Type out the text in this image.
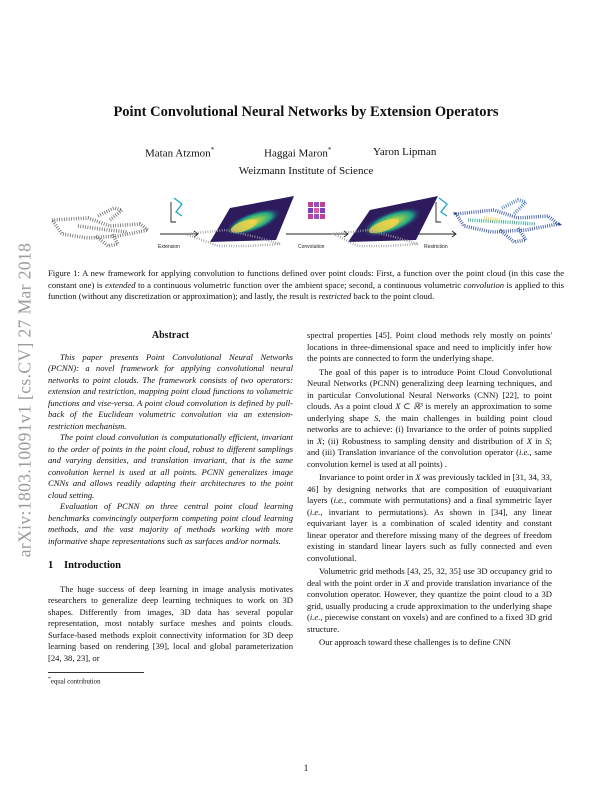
arXiv:1803.10091v1 [cs.CV] 27 Mar 2018
Point Convolutional Neural Networks by Extension Operators
Matan Atzmon*	Haggai Maron*	Yaron Lipman
Weizmann Institute of Science
Extension	Convolution	Restriction
Figure 1: A new framework for applying convolution to functions defined over point clouds: First, a function over the point cloud (in this case the constant one) is extended to a continuous volumetric function over the ambient space; second, a continuous volumetric convolution is applied to this function (without any discretization or approximation); and lastly, the result is restricted back to the point cloud.
Abstract

This paper presents Point Convolutional Neural Networks (PCNN): a novel framework for applying convolutional neural networks to point clouds. The framework consists of two operators: extension and restriction, mapping point cloud functions to volumetric functions and vise-versa. A point cloud convolution is defined by pull-back of the Euclidean volumetric convolution via an extension-restriction mechanism.

The point cloud convolution is computationally efficient, invariant to the order of points in the point cloud, robust to different samplings and varying densities, and translation invariant, that is the same convolution kernel is used at all points. PCNN generalizes image CNNs and allows readily adapting their architectures to the point cloud setting.

Evaluation of PCNN on three central point cloud learning benchmarks convincingly outperform competing point cloud learning methods, and the vast majority of methods working with more informative shape representations such as surfaces and/or normals.

1 Introduction

The huge success of deep learning in image analysis motivates researchers to generalize deep learning techniques to work on 3D shapes. Differently from images, 3D data has several popular representation, most notably surface meshes and points clouds. Surface-based methods exploit connectivity information for 3D deep learning based on rendering [39], local and global parameterization [24, 38, 23], or

*equal contribution

spectral properties [45]. Point cloud methods rely mostly on points' locations in three-dimensional space and need to implicitly infer how the points are connected to form the underlying shape.

The goal of this paper is to introduce Point Cloud Convolutional Neural Networks (PCNN) generalizing deep learning techniques, and in particular Convolutional Neural Networks (CNN) [22], to point clouds. As a point cloud X ⊂ ℝ³ is merely an approximation to some underlying shape S, the main challenges in building point cloud networks are to achieve: (i) Invariance to the order of points supplied in X; (ii) Robustness to sampling density and distribution of X in S; and (iii) Translation invariance of the convolution operator (i.e., same convolution kernel is used at all points) .

Invariance to point order in X was previously tackled in [31, 34, 33, 46] by designing networks that are composition of euuquivariant layers (i.e., commute with permutations) and a final symmetric layer (i.e., invariant to permutations). As shown in [34], any linear equivariant layer is a combination of scaled identity and constant linear operator and therefore missing many of the degrees of freedom existing in standard linear layers such as fully connected and even convolutional.

Volumetric grid methods [43, 25, 32, 35] use 3D occupancy grid to deal with the point order in X and provide translation invariance of the convolution operator. However, they quantize the point cloud to a 3D grid, usually producing a crude approximation to the underlying shape (i.e., piecewise constant on voxels) and are confined to a fixed 3D grid structure.

Our approach toward these challenges is to define CNN

1
